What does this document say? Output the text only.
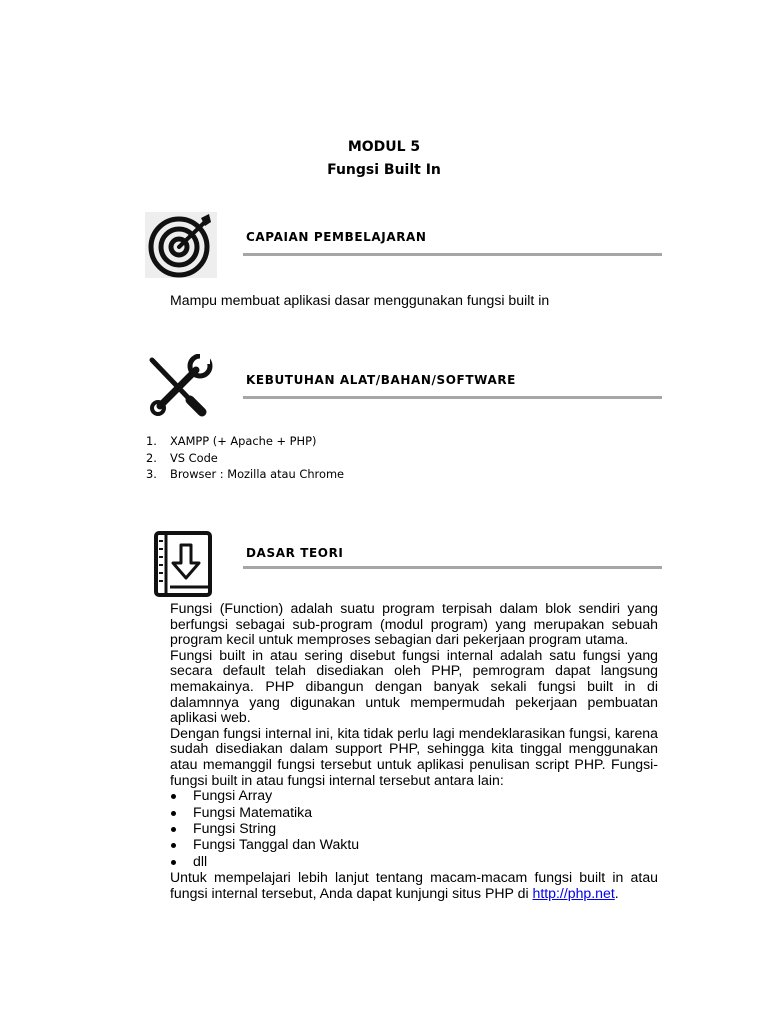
MODUL 5
Fungsi Built In
CAPAIAN PEMBELAJARAN
Mampu membuat aplikasi dasar menggunakan fungsi built in
KEBUTUHAN ALAT/BAHAN/SOFTWARE
1. XAMPP (+ Apache + PHP)
2. VS Code
3. Browser : Mozilla atau Chrome
DASAR TEORI

Fungsi (Function) adalah suatu program terpisah dalam blok sendiri yang berfungsi sebagai sub-program (modul program) yang merupakan sebuah program kecil untuk memproses sebagian dari pekerjaan program utama.

Fungsi built in atau sering disebut fungsi internal adalah satu fungsi yang secara default telah disediakan oleh PHP, pemrogram dapat langsung memakainya. PHP dibangun dengan banyak sekali fungsi built in di dalamnnya yang digunakan untuk mempermudah pekerjaan pembuatan aplikasi web.

Dengan fungsi internal ini, kita tidak perlu lagi mendeklarasikan fungsi, karena sudah disediakan dalam support PHP, sehingga kita tinggal menggunakan atau memanggil fungsi tersebut untuk aplikasi penulisan script PHP. Fungsi-fungsi built in atau fungsi internal tersebut antara lain:

Fungsi Array
Fungsi Matematika
Fungsi String
Fungsi Tanggal dan Waktu
dll

Untuk mempelajari lebih lanjut tentang macam-macam fungsi built in atau fungsi internal tersebut, Anda dapat kunjungi situs PHP di http://php.net.
